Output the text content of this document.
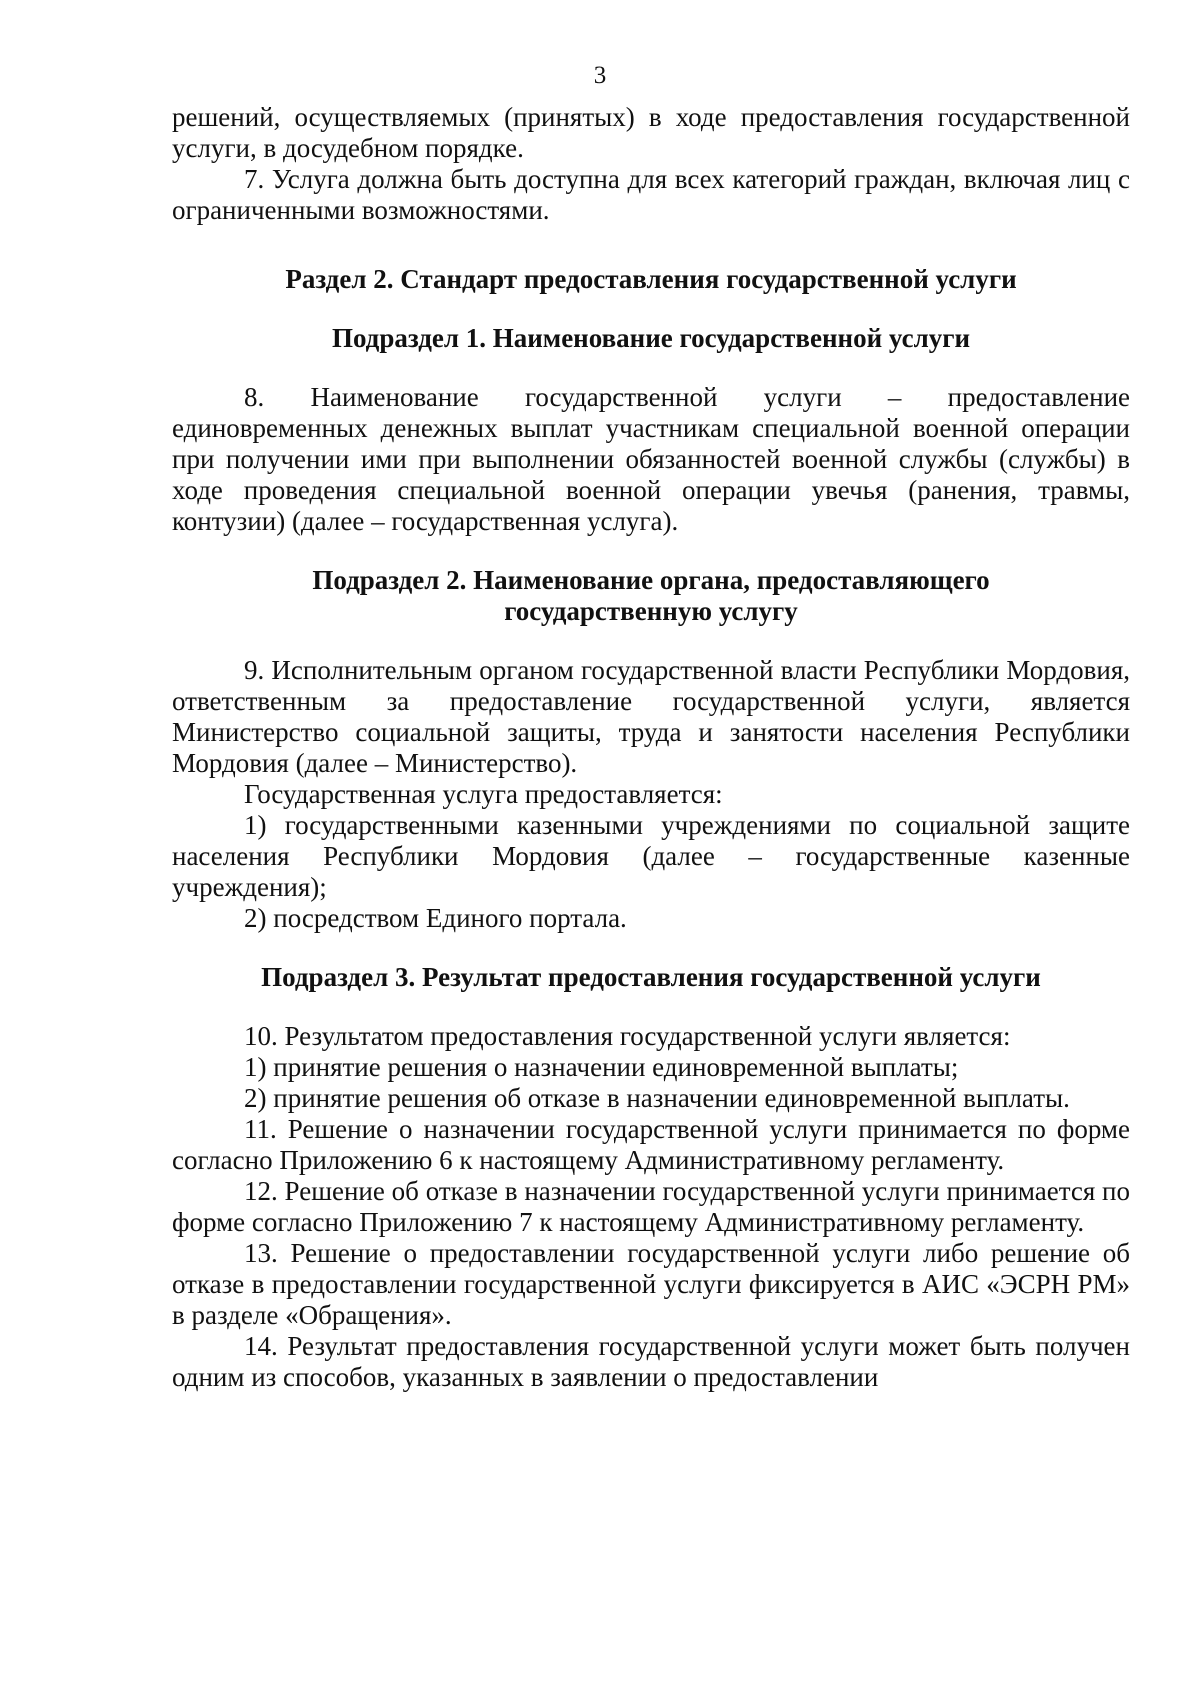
3

решений, осуществляемых (принятых) в ходе предоставления государственной услуги, в досудебном порядке.

7. Услуга должна быть доступна для всех категорий граждан, включая лиц с ограниченными возможностями.

Раздел 2. Стандарт предоставления государственной услуги

Подраздел 1. Наименование государственной услуги

8. Наименование государственной услуги – предоставление единовременных денежных выплат участникам специальной военной операции при получении ими при выполнении обязанностей военной службы (службы) в ходе проведения специальной военной операции увечья (ранения, травмы, контузии) (далее – государственная услуга).

Подраздел 2. Наименование органа, предоставляющего

государственную услугу

9. Исполнительным органом государственной власти Республики Мордовия, ответственным за предоставление государственной услуги, является Министерство социальной защиты, труда и занятости населения Республики Мордовия (далее – Министерство).

Государственная услуга предоставляется:

1) государственными казенными учреждениями по социальной защите населения Республики Мордовия (далее – государственные казенные учреждения);

2) посредством Единого портала.

Подраздел 3. Результат предоставления государственной услуги

10. Результатом предоставления государственной услуги является:

1) принятие решения о назначении единовременной выплаты;

2) принятие решения об отказе в назначении единовременной выплаты.

11. Решение о назначении государственной услуги принимается по форме согласно Приложению 6 к настоящему Административному регламенту.

12. Решение об отказе в назначении государственной услуги принимается по форме согласно Приложению 7 к настоящему Административному регламенту.

13. Решение о предоставлении государственной услуги либо решение об отказе в предоставлении государственной услуги фиксируется в АИС «ЭСРН РМ» в разделе «Обращения».

14. Результат предоставления государственной услуги может быть получен одним из способов, указанных в заявлении о предоставлении
